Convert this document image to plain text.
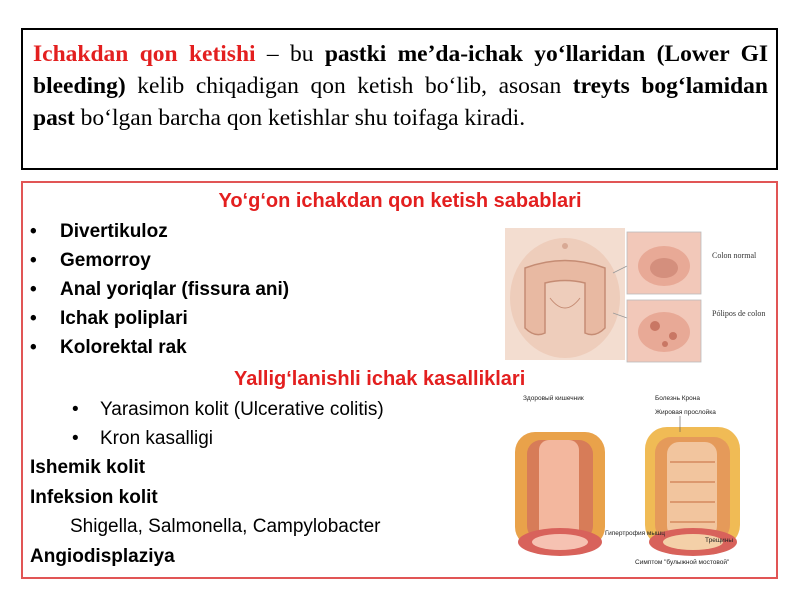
Ichakdan qon ketishi – bu pastki me’da-ichak yo‘llaridan (Lower GI bleeding) kelib chiqadigan qon ketish bo‘lib, asosan treyts bog‘lamidan past bo‘lgan barcha qon ketishlar shu toifaga kiradi.
Yo‘g‘on ichakdan qon ketish sabablari
• Divertikuloz
• Gemorroy
• Anal yoriqlar (fissura ani)
• Ichak poliplari
• Kolorektal rak
Yallig‘lanishli ichak kasalliklari
• Yarasimon kolit (Ulcerative colitis)
• Kron kasalligi
Ishemik kolit
Infeksion kolit
Shigella, Salmonella, Campylobacter
Angiodisplaziya
Colon normal
Pólipos de colon
Здоровый кишечник	Болезнь Крона
Жировая прослойка
Гипертрофия мышц
Трещины
Симптом "булыжной мостовой"
